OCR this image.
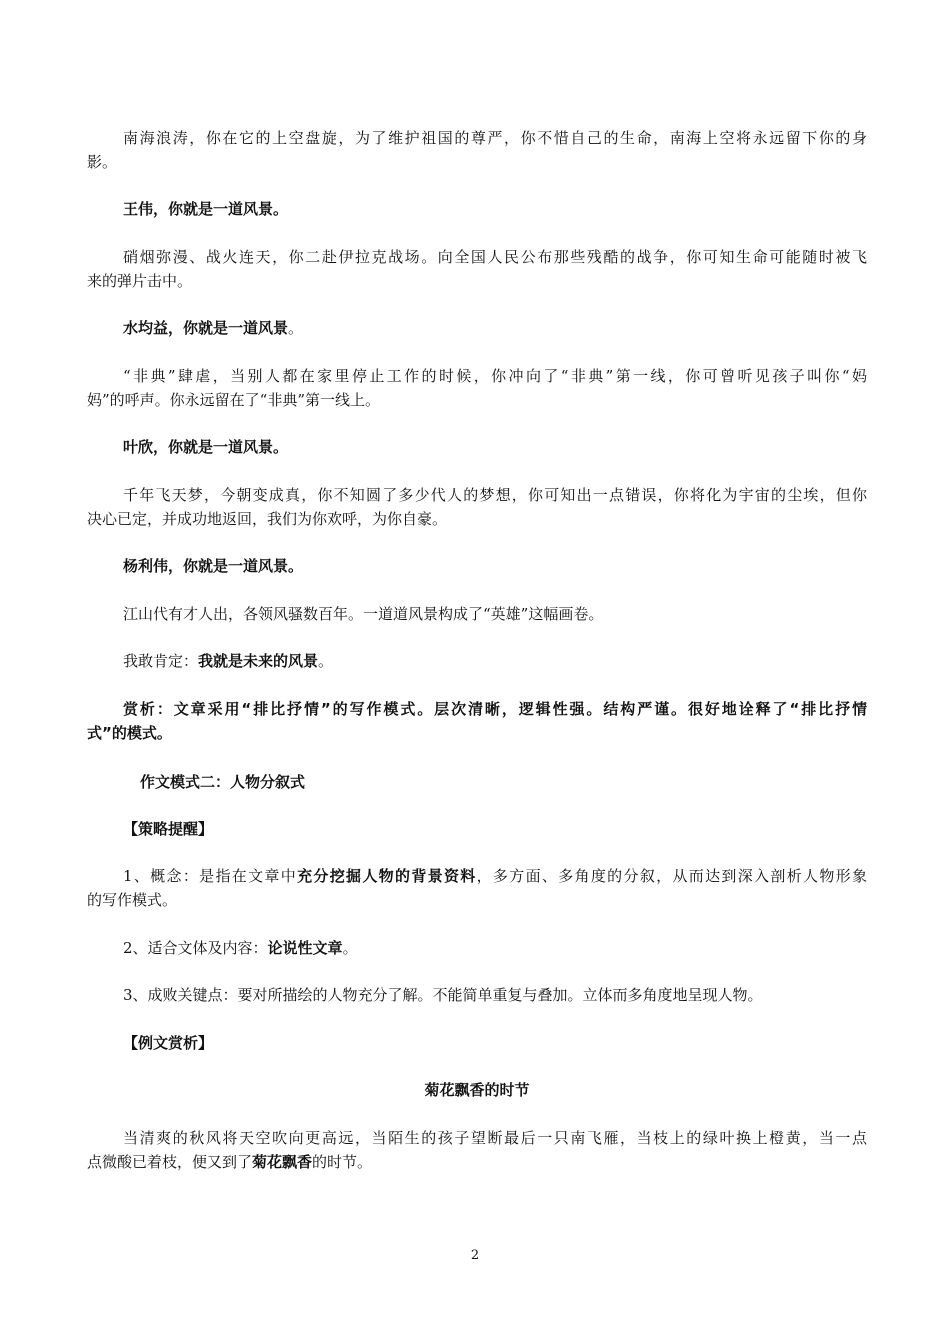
南海浪涛，你在它的上空盘旋，为了维护祖国的尊严，你不惜自己的生命，南海上空将永远留下你的身
影。
王伟，你就是一道风景。
硝烟弥漫、战火连天，你二赴伊拉克战场。向全国人民公布那些残酷的战争，你可知生命可能随时被飞
来的弹片击中。
水均益，你就是一道风景。
“非典”肆虐，当别人都在家里停止工作的时候，你冲向了“非典”第一线，你可曾听见孩子叫你“妈
妈”的呼声。你永远留在了“非典”第一线上。
叶欣，你就是一道风景。
千年飞天梦，今朝变成真，你不知圆了多少代人的梦想，你可知出一点错误，你将化为宇宙的尘埃，但你
决心已定，并成功地返回，我们为你欢呼，为你自豪。
杨利伟，你就是一道风景。
江山代有才人出，各领风骚数百年。一道道风景构成了“英雄”这幅画卷。
我敢肯定：我就是未来的风景。
赏析：文章采用“排比抒情”的写作模式。层次清晰，逻辑性强。结构严谨。很好地诠释了“排比抒情
式”的模式。
作文模式二：人物分叙式
【策略提醒】
1、概念：是指在文章中充分挖掘人物的背景资料，多方面、多角度的分叙，从而达到深入剖析人物形象
的写作模式。
2、适合文体及内容：论说性文章。
3、成败关键点：要对所描绘的人物充分了解。不能简单重复与叠加。立体而多角度地呈现人物。
【例文赏析】
菊花飘香的时节
当清爽的秋风将天空吹向更高远，当陌生的孩子望断最后一只南飞雁，当枝上的绿叶换上橙黄，当一点
点微酸已着枝，便又到了菊花飘香的时节。
2
